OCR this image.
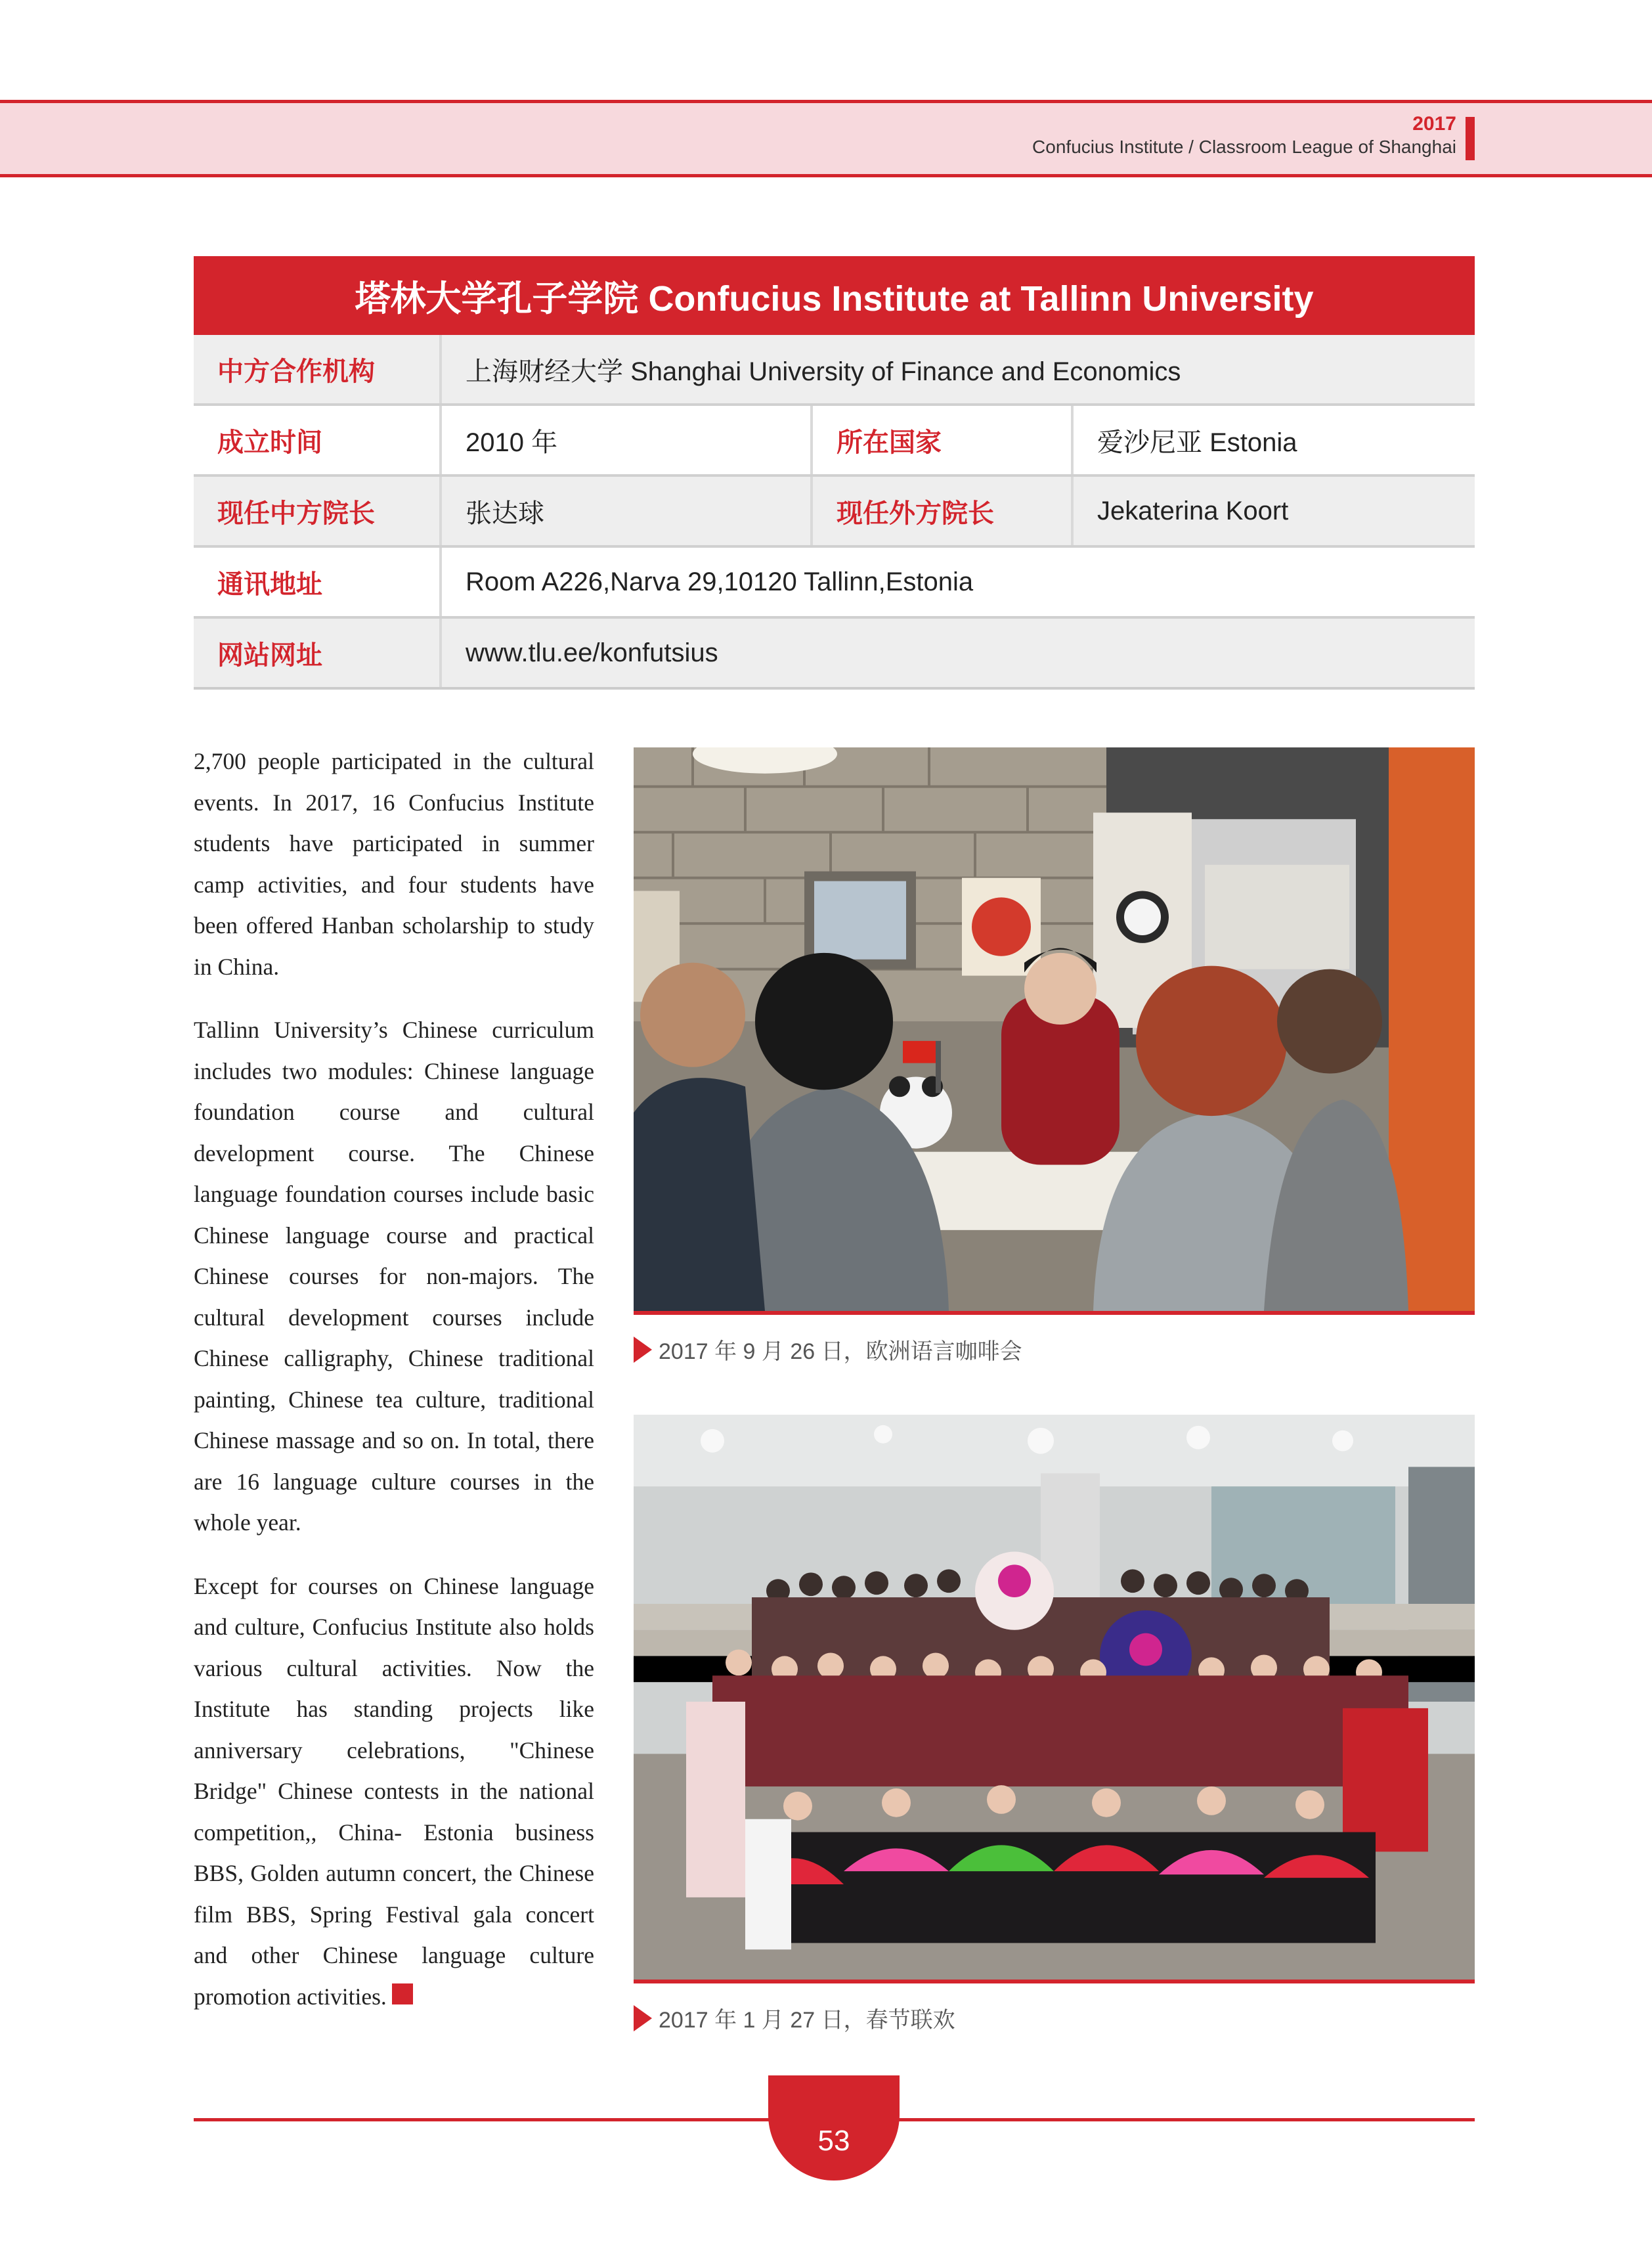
2017
Confucius Institute / Classroom League of Shanghai
塔林大学孔子学院 Confucius Institute at Tallinn University
中方合作机构	上海财经大学 Shanghai University of Finance and Economics
成立时间	2010 年	所在国家	爱沙尼亚 Estonia
现任中方院长	张达球	现任外方院长	Jekaterina Koort
通讯地址	Room A226,Narva 29,10120 Tallinn,Estonia
网站网址	www.tlu.ee/konfutsius

2,700 people participated in the cultural events. In 2017, 16 Confucius Institute students have participated in summer camp activities, and four students have been offered Hanban scholarship to study in China.

Tallinn University’s Chinese curriculum includes two modules: Chinese language foundation course and cultural development course. The Chinese language foundation courses include basic Chinese language course and practical Chinese courses for non-majors. The cultural development courses include Chinese calligraphy, Chinese traditional painting, Chinese tea culture, traditional Chinese massage and so on. In total, there are 16 language culture courses in the whole year.

Except for courses on Chinese language and culture, Confucius Institute also holds various cultural activities. Now the Institute has standing projects like anniversary celebrations, "Chinese Bridge" Chinese contests in the national competition,, China- Estonia business BBS, Golden autumn concert, the Chinese film BBS, Spring Festival gala concert and other Chinese language culture promotion activities.

2017 年 9 月 26 日，欧洲语言咖啡会
2017 年 1 月 27 日，春节联欢
53
